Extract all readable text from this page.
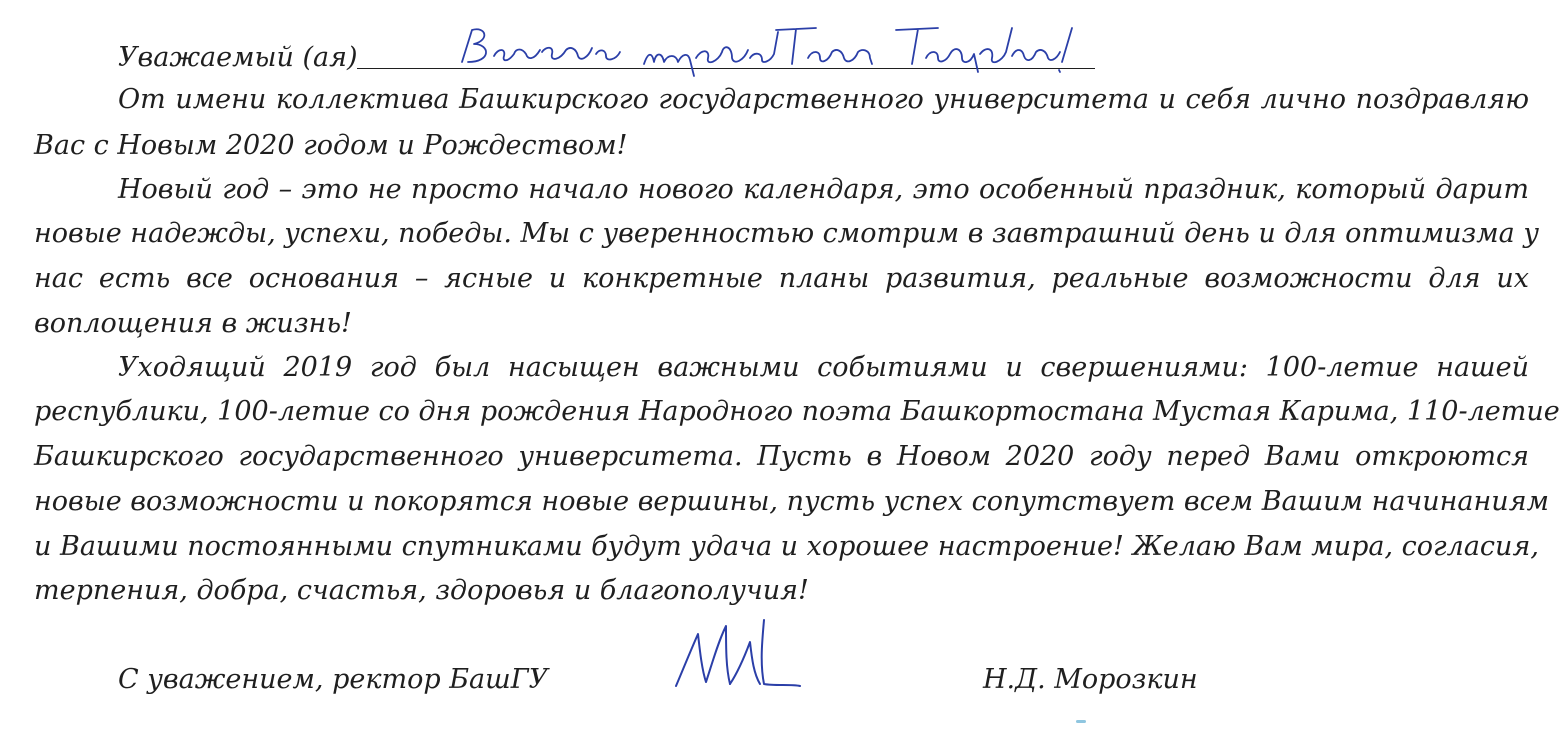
Уважаемый (ая)
От имени коллектива Башкирского государственного университета и себя лично поздравляю
Вас с Новым 2020 годом и Рождеством!
Новый год – это не просто начало нового календаря, это особенный праздник, который дарит
новые надежды, успехи, победы. Мы с уверенностью смотрим в завтрашний день и для оптимизма у
нас есть все основания – ясные и конкретные планы развития, реальные возможности для их
воплощения в жизнь!
Уходящий 2019 год был насыщен важными событиями и свершениями: 100-летие нашей
республики, 100-летие со дня рождения Народного поэта Башкортостана Мустая Карима, 110-летие
Башкирского государственного университета. Пусть в Новом 2020 году перед Вами откроются
новые возможности и покорятся новые вершины, пусть успех сопутствует всем Вашим начинаниям
и Вашими постоянными спутниками будут удача и хорошее настроение! Желаю Вам мира, согласия,
терпения, добра, счастья, здоровья и благополучия!
С уважением, ректор БашГУ	Н.Д. Морозкин
